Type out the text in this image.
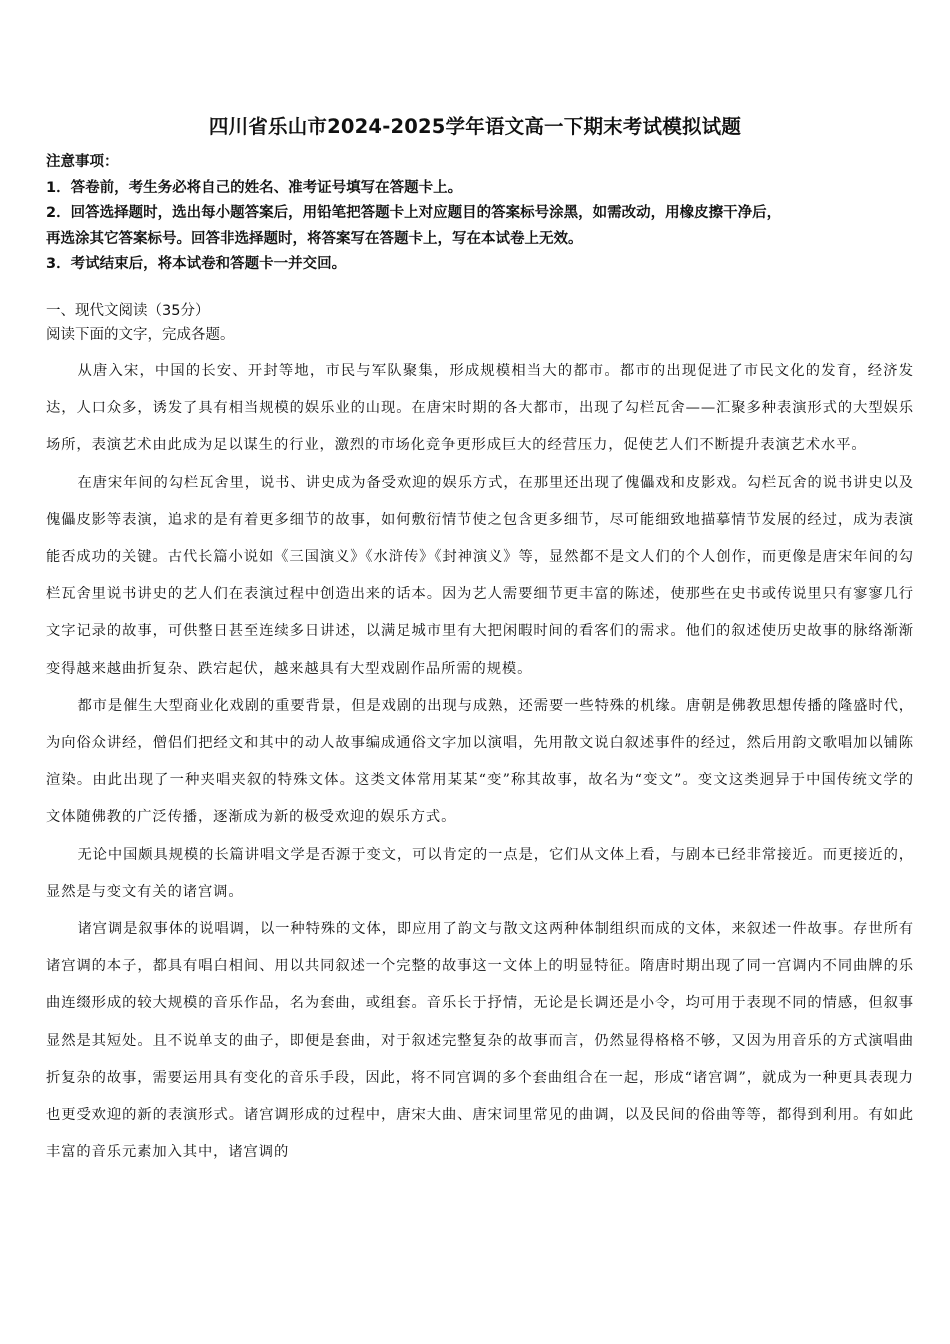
四川省乐山市2024-2025学年语文高一下期末考试模拟试题
注意事项：
1．答卷前，考生务必将自己的姓名、准考证号填写在答题卡上。
2．回答选择题时，选出每小题答案后，用铅笔把答题卡上对应题目的答案标号涂黑，如需改动，用橡皮擦干净后，
再选涂其它答案标号。回答非选择题时，将答案写在答题卡上，写在本试卷上无效。
3．考试结束后，将本试卷和答题卡一并交回。
一、现代文阅读（35分）
阅读下面的文字，完成各题。

从唐入宋，中国的长安、开封等地，市民与军队聚集，形成规模相当大的都市。都市的出现促进了市民文化的发育，经济发达，人口众多，诱发了具有相当规模的娱乐业的山现。在唐宋时期的各大都市，出现了勾栏瓦舍——汇聚多种表演形式的大型娱乐场所，表演艺术由此成为足以谋生的行业，激烈的市场化竞争更形成巨大的经营压力，促使艺人们不断提升表演艺术水平。

在唐宋年间的勾栏瓦舍里，说书、讲史成为备受欢迎的娱乐方式，在那里还出现了傀儡戏和皮影戏。勾栏瓦舍的说书讲史以及傀儡皮影等表演，追求的是有着更多细节的故事，如何敷衍情节使之包含更多细节，尽可能细致地描摹情节发展的经过，成为表演能否成功的关键。古代长篇小说如《三国演义》《水浒传》《封神演义》等，显然都不是文人们的个人创作，而更像是唐宋年间的勾栏瓦舍里说书讲史的艺人们在表演过程中创造出来的话本。因为艺人需要细节更丰富的陈述，使那些在史书或传说里只有寥寥几行文字记录的故事，可供整日甚至连续多日讲述，以满足城市里有大把闲暇时间的看客们的需求。他们的叙述使历史故事的脉络渐渐变得越来越曲折复杂、跌宕起伏，越来越具有大型戏剧作品所需的规模。

都市是催生大型商业化戏剧的重要背景，但是戏剧的出现与成熟，还需要一些特殊的机缘。唐朝是佛教思想传播的隆盛时代，为向俗众讲经，僧侣们把经文和其中的动人故事编成通俗文字加以演唱，先用散文说白叙述事件的经过，然后用韵文歌唱加以铺陈渲染。由此出现了一种夹唱夹叙的特殊文体。这类文体常用某某“变”称其故事，故名为“变文”。变文这类迥异于中国传统文学的文体随佛教的广泛传播，逐渐成为新的极受欢迎的娱乐方式。

无论中国颇具规模的长篇讲唱文学是否源于变文，可以肯定的一点是，它们从文体上看，与剧本已经非常接近。而更接近的，显然是与变文有关的诸宫调。

诸宫调是叙事体的说唱调，以一种特殊的文体，即应用了韵文与散文这两种体制组织而成的文体，来叙述一件故事。存世所有诸宫调的本子，都具有唱白相间、用以共同叙述一个完整的故事这一文体上的明显特征。隋唐时期出现了同一宫调内不同曲牌的乐曲连缀形成的较大规模的音乐作品，名为套曲，或组套。音乐长于抒情，无论是长调还是小令，均可用于表现不同的情感，但叙事显然是其短处。且不说单支的曲子，即便是套曲，对于叙述完整复杂的故事而言，仍然显得格格不够，又因为用音乐的方式演唱曲折复杂的故事，需要运用具有变化的音乐手段，因此，将不同宫调的多个套曲组合在一起，形成“诸宫调”，就成为一种更具表现力也更受欢迎的新的表演形式。诸宫调形成的过程中，唐宋大曲、唐宋词里常见的曲调，以及民间的俗曲等等，都得到利用。有如此丰富的音乐元素加入其中，诸宫调的
